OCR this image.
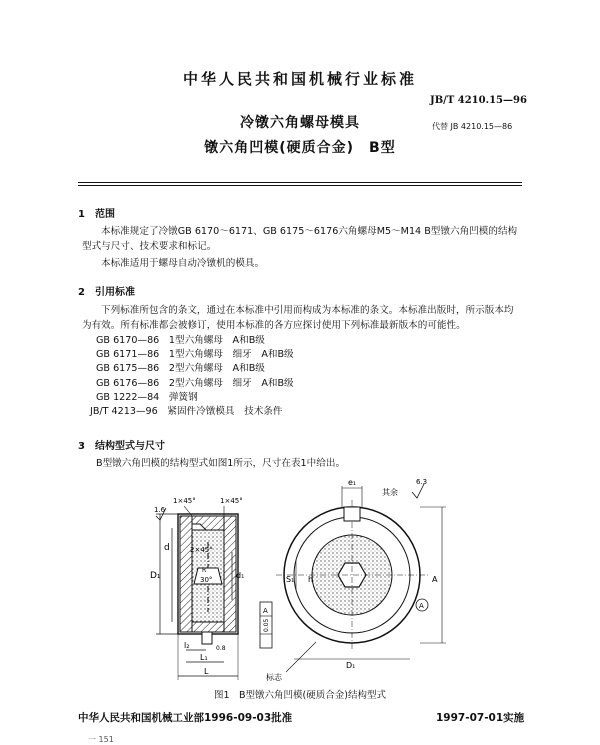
中华人民共和国机械行业标准
JB/T 4210.15—96
冷镦六角螺母模具	代替 JB 4210.15—86
镦六角凹模(硬质合金)　B型
1　范围
本标准规定了冷镦GB 6170～6171、GB 6175～6176六角螺母M5～M14 B型镦六角凹模的结构型式与尺寸、技术要求和标记。
本标准适用于螺母自动冷镦机的模具。
2　引用标准
下列标准所包含的条文，通过在本标准中引用而构成为本标准的条文。本标准出版时，所示版本均为有效。所有标准都会被修订，使用本标准的各方应探讨使用下列标准最新版本的可能性。
GB 6170—86　1型六角螺母　A和B级
GB 6171—86　1型六角螺母　细牙　A和B级
GB 6175—86　2型六角螺母　A和B级
GB 6176—86　2型六角螺母　细牙　A和B级
GB 1222—84　弹簧钢
JB/T 4213—96　紧固件冷镦模具　技术条件
3　结构型式与尺寸
B型镦六角凹模的结构型式如图1所示，尺寸在表1中给出。
D₁
d
d₁
1.6
1×45°	1×45°
2×45°
R
30°
0.8
l₂
L₁
L
e₁	6.3
其余
S₁ h	A
A
A
0.05
D₁
标志
图1　B型镦六角凹模(硬质合金)结构型式
中华人民共和国机械工业部1996-09-03批准	1997-07-01实施
一 151
